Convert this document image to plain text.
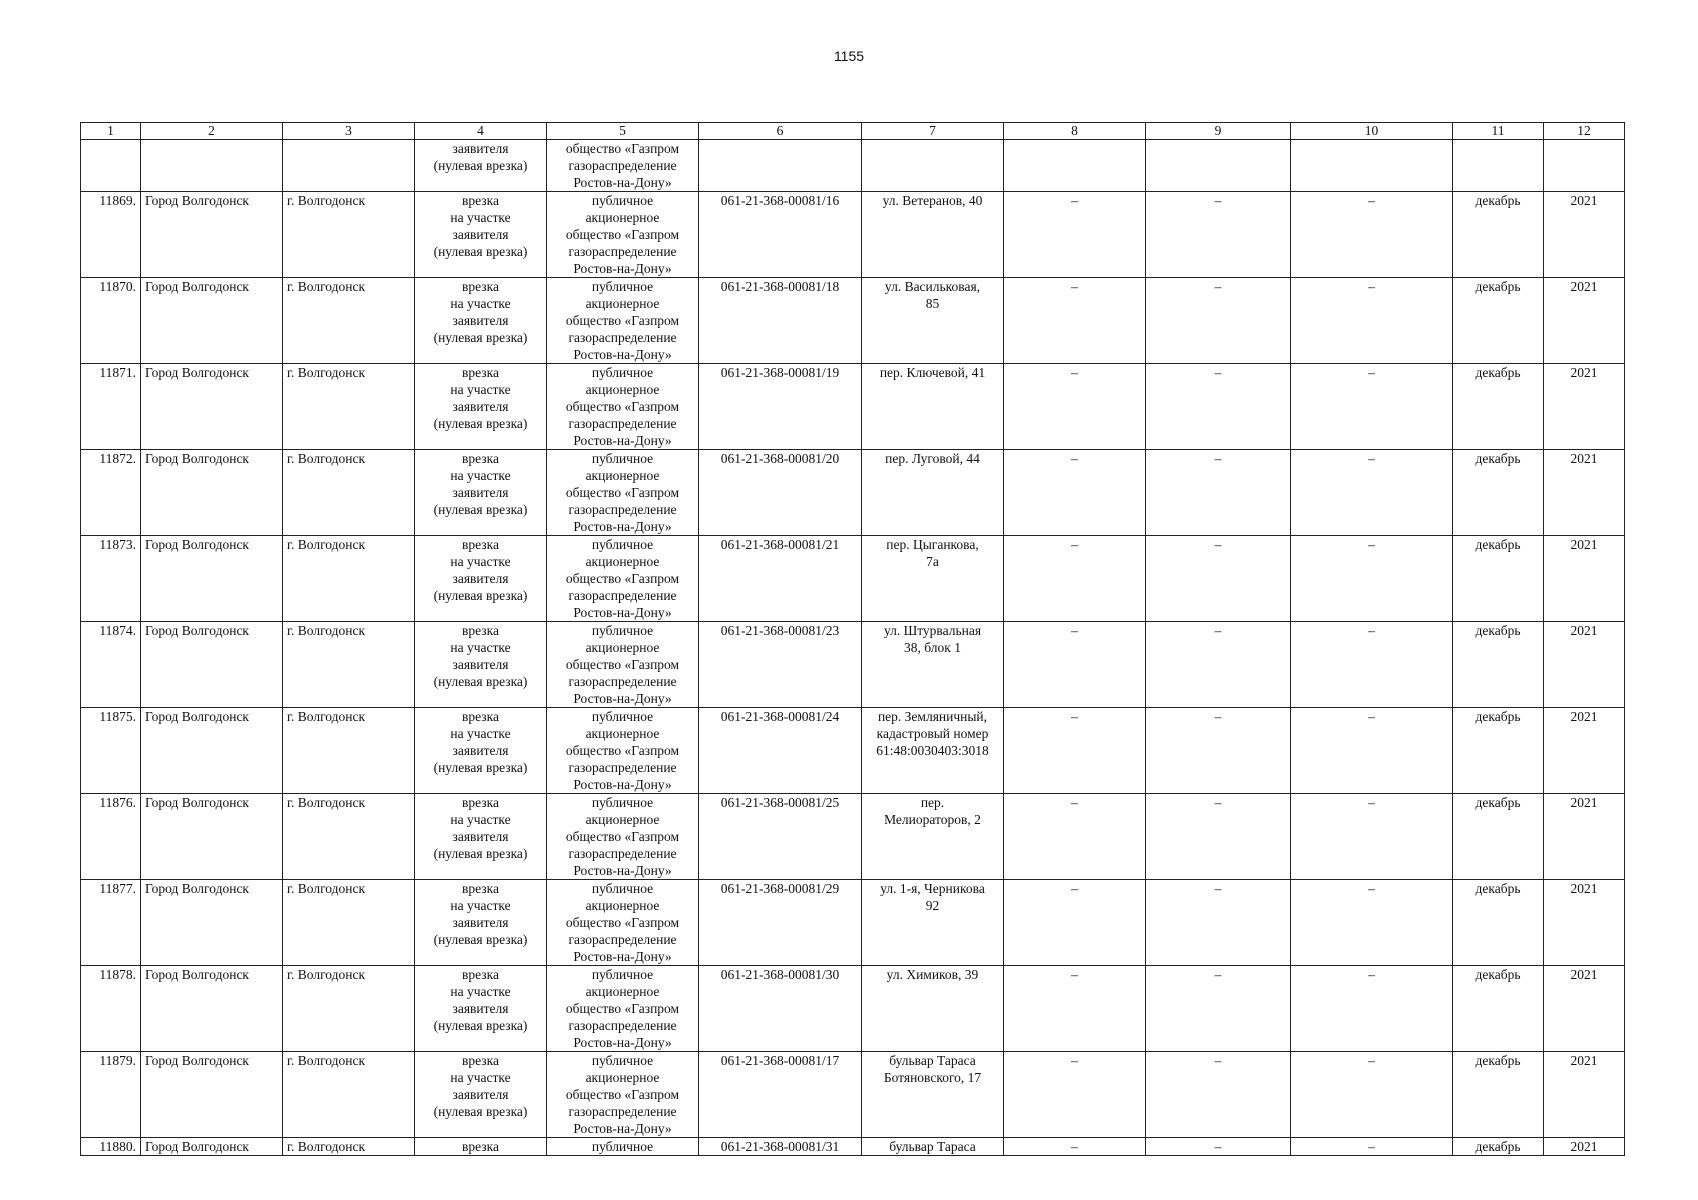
1155
1	2	3	4	5	6	7	8	9	10	11	12
			заявителя
(нулевая врезка)	общество «Газпром
газораспределение
Ростов-на-Дону»							
11869.	Город Волгодонск	г. Волгодонск	врезка
на участке
заявителя
(нулевая врезка)	публичное
акционерное
общество «Газпром
газораспределение
Ростов-на-Дону»	061-21-368-00081/16	ул. Ветеранов, 40	–	–	–	декабрь	2021
11870.	Город Волгодонск	г. Волгодонск	врезка
на участке
заявителя
(нулевая врезка)	публичное
акционерное
общество «Газпром
газораспределение
Ростов-на-Дону»	061-21-368-00081/18	ул. Васильковая,
85	–	–	–	декабрь	2021
11871.	Город Волгодонск	г. Волгодонск	врезка
на участке
заявителя
(нулевая врезка)	публичное
акционерное
общество «Газпром
газораспределение
Ростов-на-Дону»	061-21-368-00081/19	пер. Ключевой, 41	–	–	–	декабрь	2021
11872.	Город Волгодонск	г. Волгодонск	врезка
на участке
заявителя
(нулевая врезка)	публичное
акционерное
общество «Газпром
газораспределение
Ростов-на-Дону»	061-21-368-00081/20	пер. Луговой, 44	–	–	–	декабрь	2021
11873.	Город Волгодонск	г. Волгодонск	врезка
на участке
заявителя
(нулевая врезка)	публичное
акционерное
общество «Газпром
газораспределение
Ростов-на-Дону»	061-21-368-00081/21	пер. Цыганкова,
7а	–	–	–	декабрь	2021
11874.	Город Волгодонск	г. Волгодонск	врезка
на участке
заявителя
(нулевая врезка)	публичное
акционерное
общество «Газпром
газораспределение
Ростов-на-Дону»	061-21-368-00081/23	ул. Штурвальная
38, блок 1	–	–	–	декабрь	2021
11875.	Город Волгодонск	г. Волгодонск	врезка
на участке
заявителя
(нулевая врезка)	публичное
акционерное
общество «Газпром
газораспределение
Ростов-на-Дону»	061-21-368-00081/24	пер. Земляничный,
кадастровый номер
61:48:0030403:3018	–	–	–	декабрь	2021
11876.	Город Волгодонск	г. Волгодонск	врезка
на участке
заявителя
(нулевая врезка)	публичное
акционерное
общество «Газпром
газораспределение
Ростов-на-Дону»	061-21-368-00081/25	пер.
Мелиораторов, 2	–	–	–	декабрь	2021
11877.	Город Волгодонск	г. Волгодонск	врезка
на участке
заявителя
(нулевая врезка)	публичное
акционерное
общество «Газпром
газораспределение
Ростов-на-Дону»	061-21-368-00081/29	ул. 1-я, Черникова
92	–	–	–	декабрь	2021
11878.	Город Волгодонск	г. Волгодонск	врезка
на участке
заявителя
(нулевая врезка)	публичное
акционерное
общество «Газпром
газораспределение
Ростов-на-Дону»	061-21-368-00081/30	ул. Химиков, 39	–	–	–	декабрь	2021
11879.	Город Волгодонск	г. Волгодонск	врезка
на участке
заявителя
(нулевая врезка)	публичное
акционерное
общество «Газпром
газораспределение
Ростов-на-Дону»	061-21-368-00081/17	бульвар Тараса
Ботяновского, 17	–	–	–	декабрь	2021

11880.	Город Волгодонск	г. Волгодонск	врезка	публичное	061-21-368-00081/31	бульвар Тараса	–	–	–	декабрь	2021
